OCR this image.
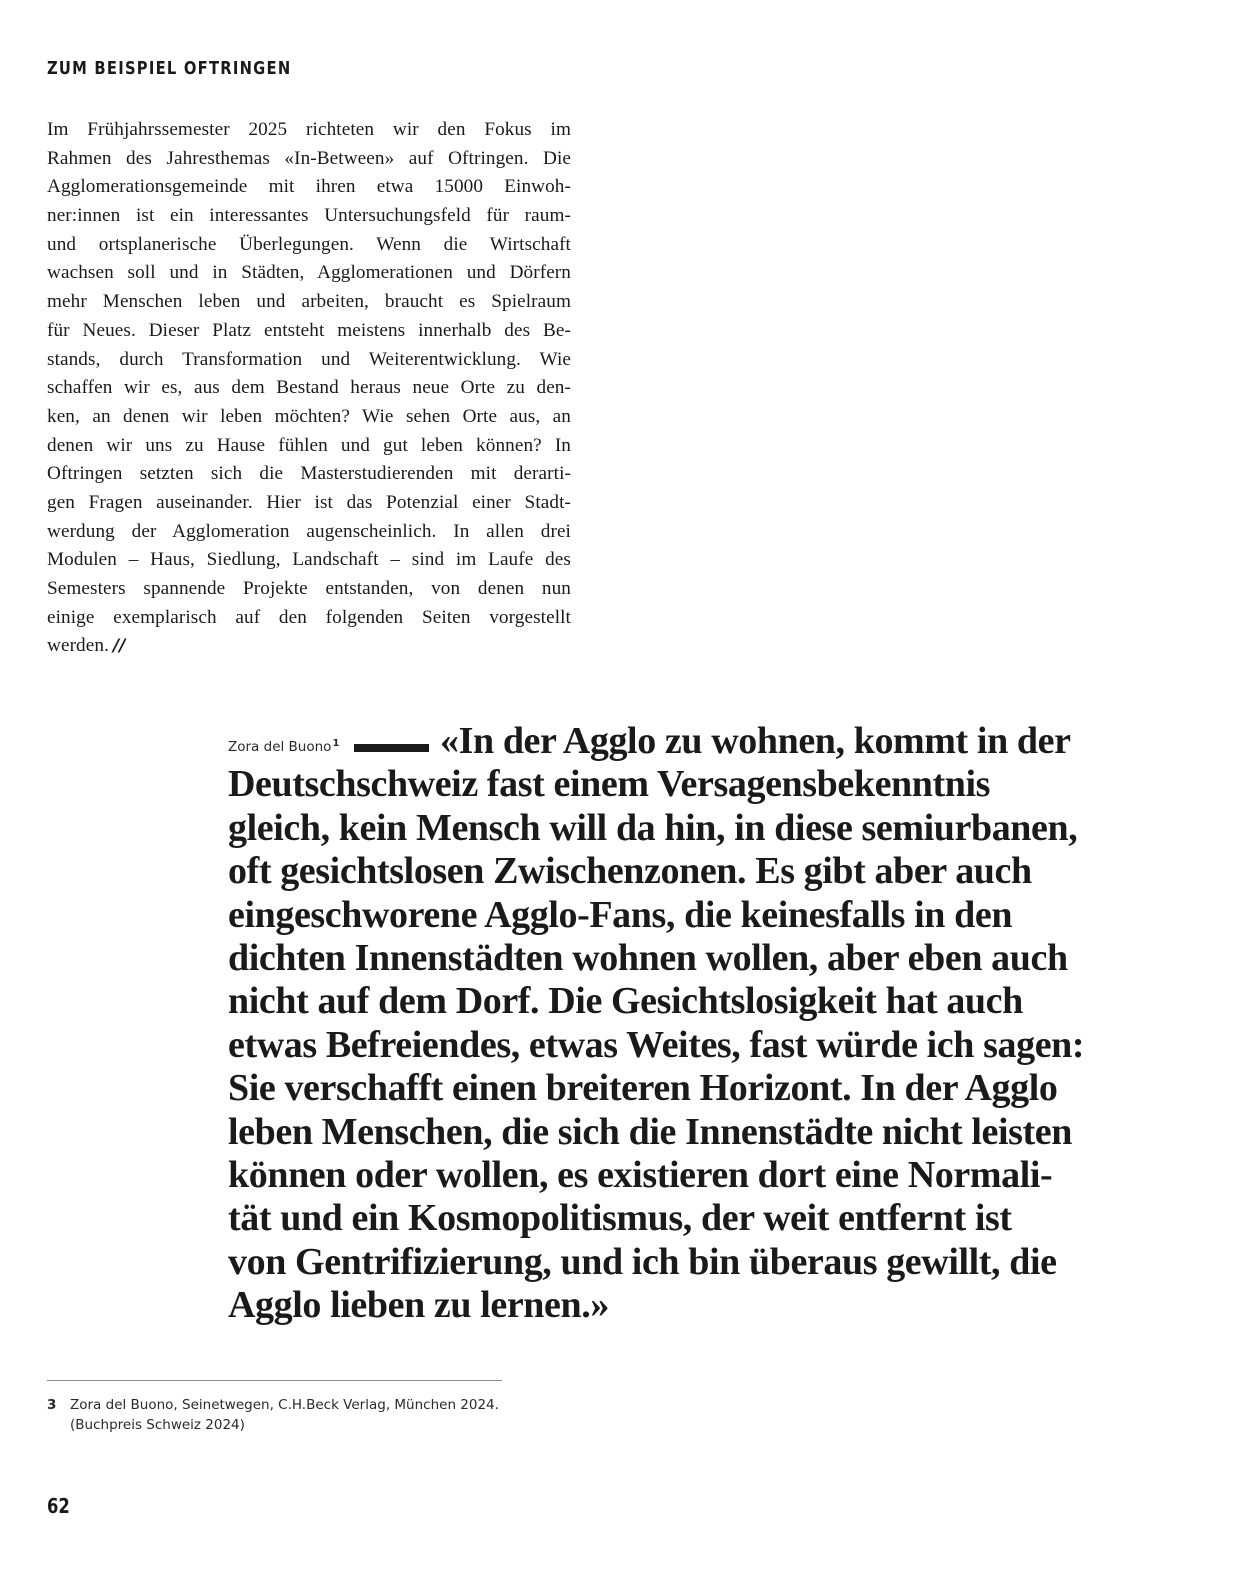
ZUM BEISPIEL OFTRINGEN
Im Frühjahrssemester 2025 richteten wir den Fokus im
Rahmen des Jahresthemas «In-Between» auf Oftringen. Die
Agglomerationsgemeinde mit ihren etwa 15000 Einwoh-
ner:innen ist ein interessantes Untersuchungsfeld für raum-
und ortsplanerische Überlegungen. Wenn die Wirtschaft
wachsen soll und in Städten, Agglomerationen und Dörfern
mehr Menschen leben und arbeiten, braucht es Spielraum
für Neues. Dieser Platz entsteht meistens innerhalb des Be-
stands, durch Transformation und Weiterentwicklung. Wie
schaffen wir es, aus dem Bestand heraus neue Orte zu den-
ken, an denen wir leben möchten? Wie sehen Orte aus, an
denen wir uns zu Hause fühlen und gut leben können? In
Oftringen setzten sich die Masterstudierenden mit derarti-
gen Fragen auseinander. Hier ist das Potenzial einer Stadt-
werdung der Agglomeration augenscheinlich. In allen drei
Modulen – Haus, Siedlung, Landschaft – sind im Laufe des
Semesters spannende Projekte entstanden, von denen nun
einige exemplarisch auf den folgenden Seiten vorgestellt
werden. //
Zora del Buono$^1$	«In der Agglo zu wohnen, kommt in der
Deutschschweiz fast einem Versagensbekenntnis
gleich, kein Mensch will da hin, in diese semiurbanen,
oft gesichtslosen Zwischenzonen. Es gibt aber auch
eingeschworene Agglo-Fans, die keinesfalls in den
dichten Innenstädten wohnen wollen, aber eben auch
nicht auf dem Dorf. Die Gesichtslosigkeit hat auch
etwas Befreiendes, etwas Weites, fast würde ich sagen:
Sie verschafft einen breiteren Horizont. In der Agglo
leben Menschen, die sich die Innenstädte nicht leisten
können oder wollen, es existieren dort eine Normali-
tät und ein Kosmopolitismus, der weit entfernt ist
von Gentrifizierung, und ich bin überaus gewillt, die
Agglo lieben zu lernen.»
3 Zora del Buono, Seinetwegen, C.H.Beck Verlag, München 2024.
(Buchpreis Schweiz 2024)
62
